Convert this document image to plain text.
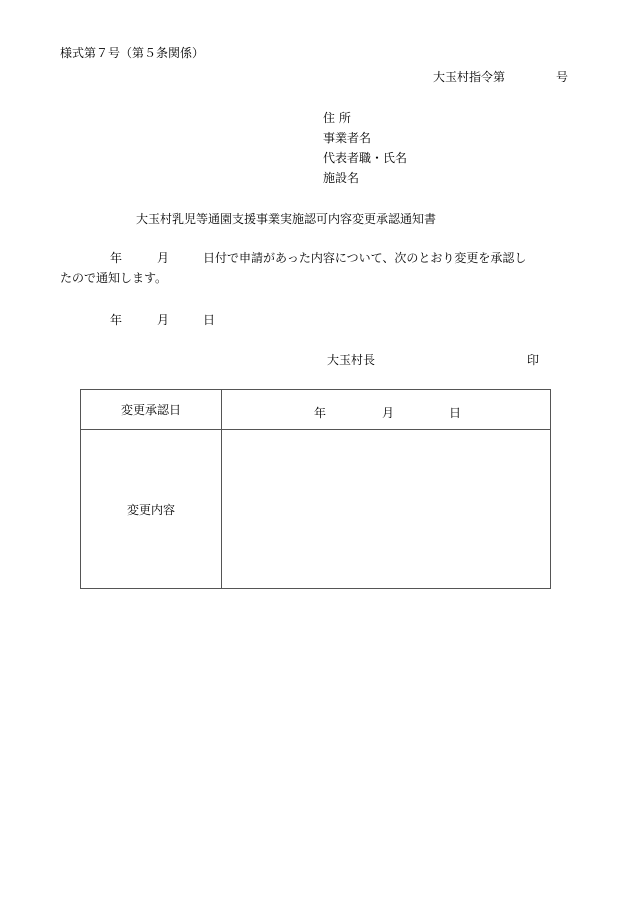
様式第７号（第５条関係）
大玉村指令第	号
住 所
事業者名
代表者職・氏名
施設名
大玉村乳児等通園支援事業実施認可内容変更承認通知書
年	月	日付で申請があった内容について、次のとおり変更を承認し
たので通知します。
年	月	日
大玉村長	印
変更承認日	年 月 日

変更内容	
